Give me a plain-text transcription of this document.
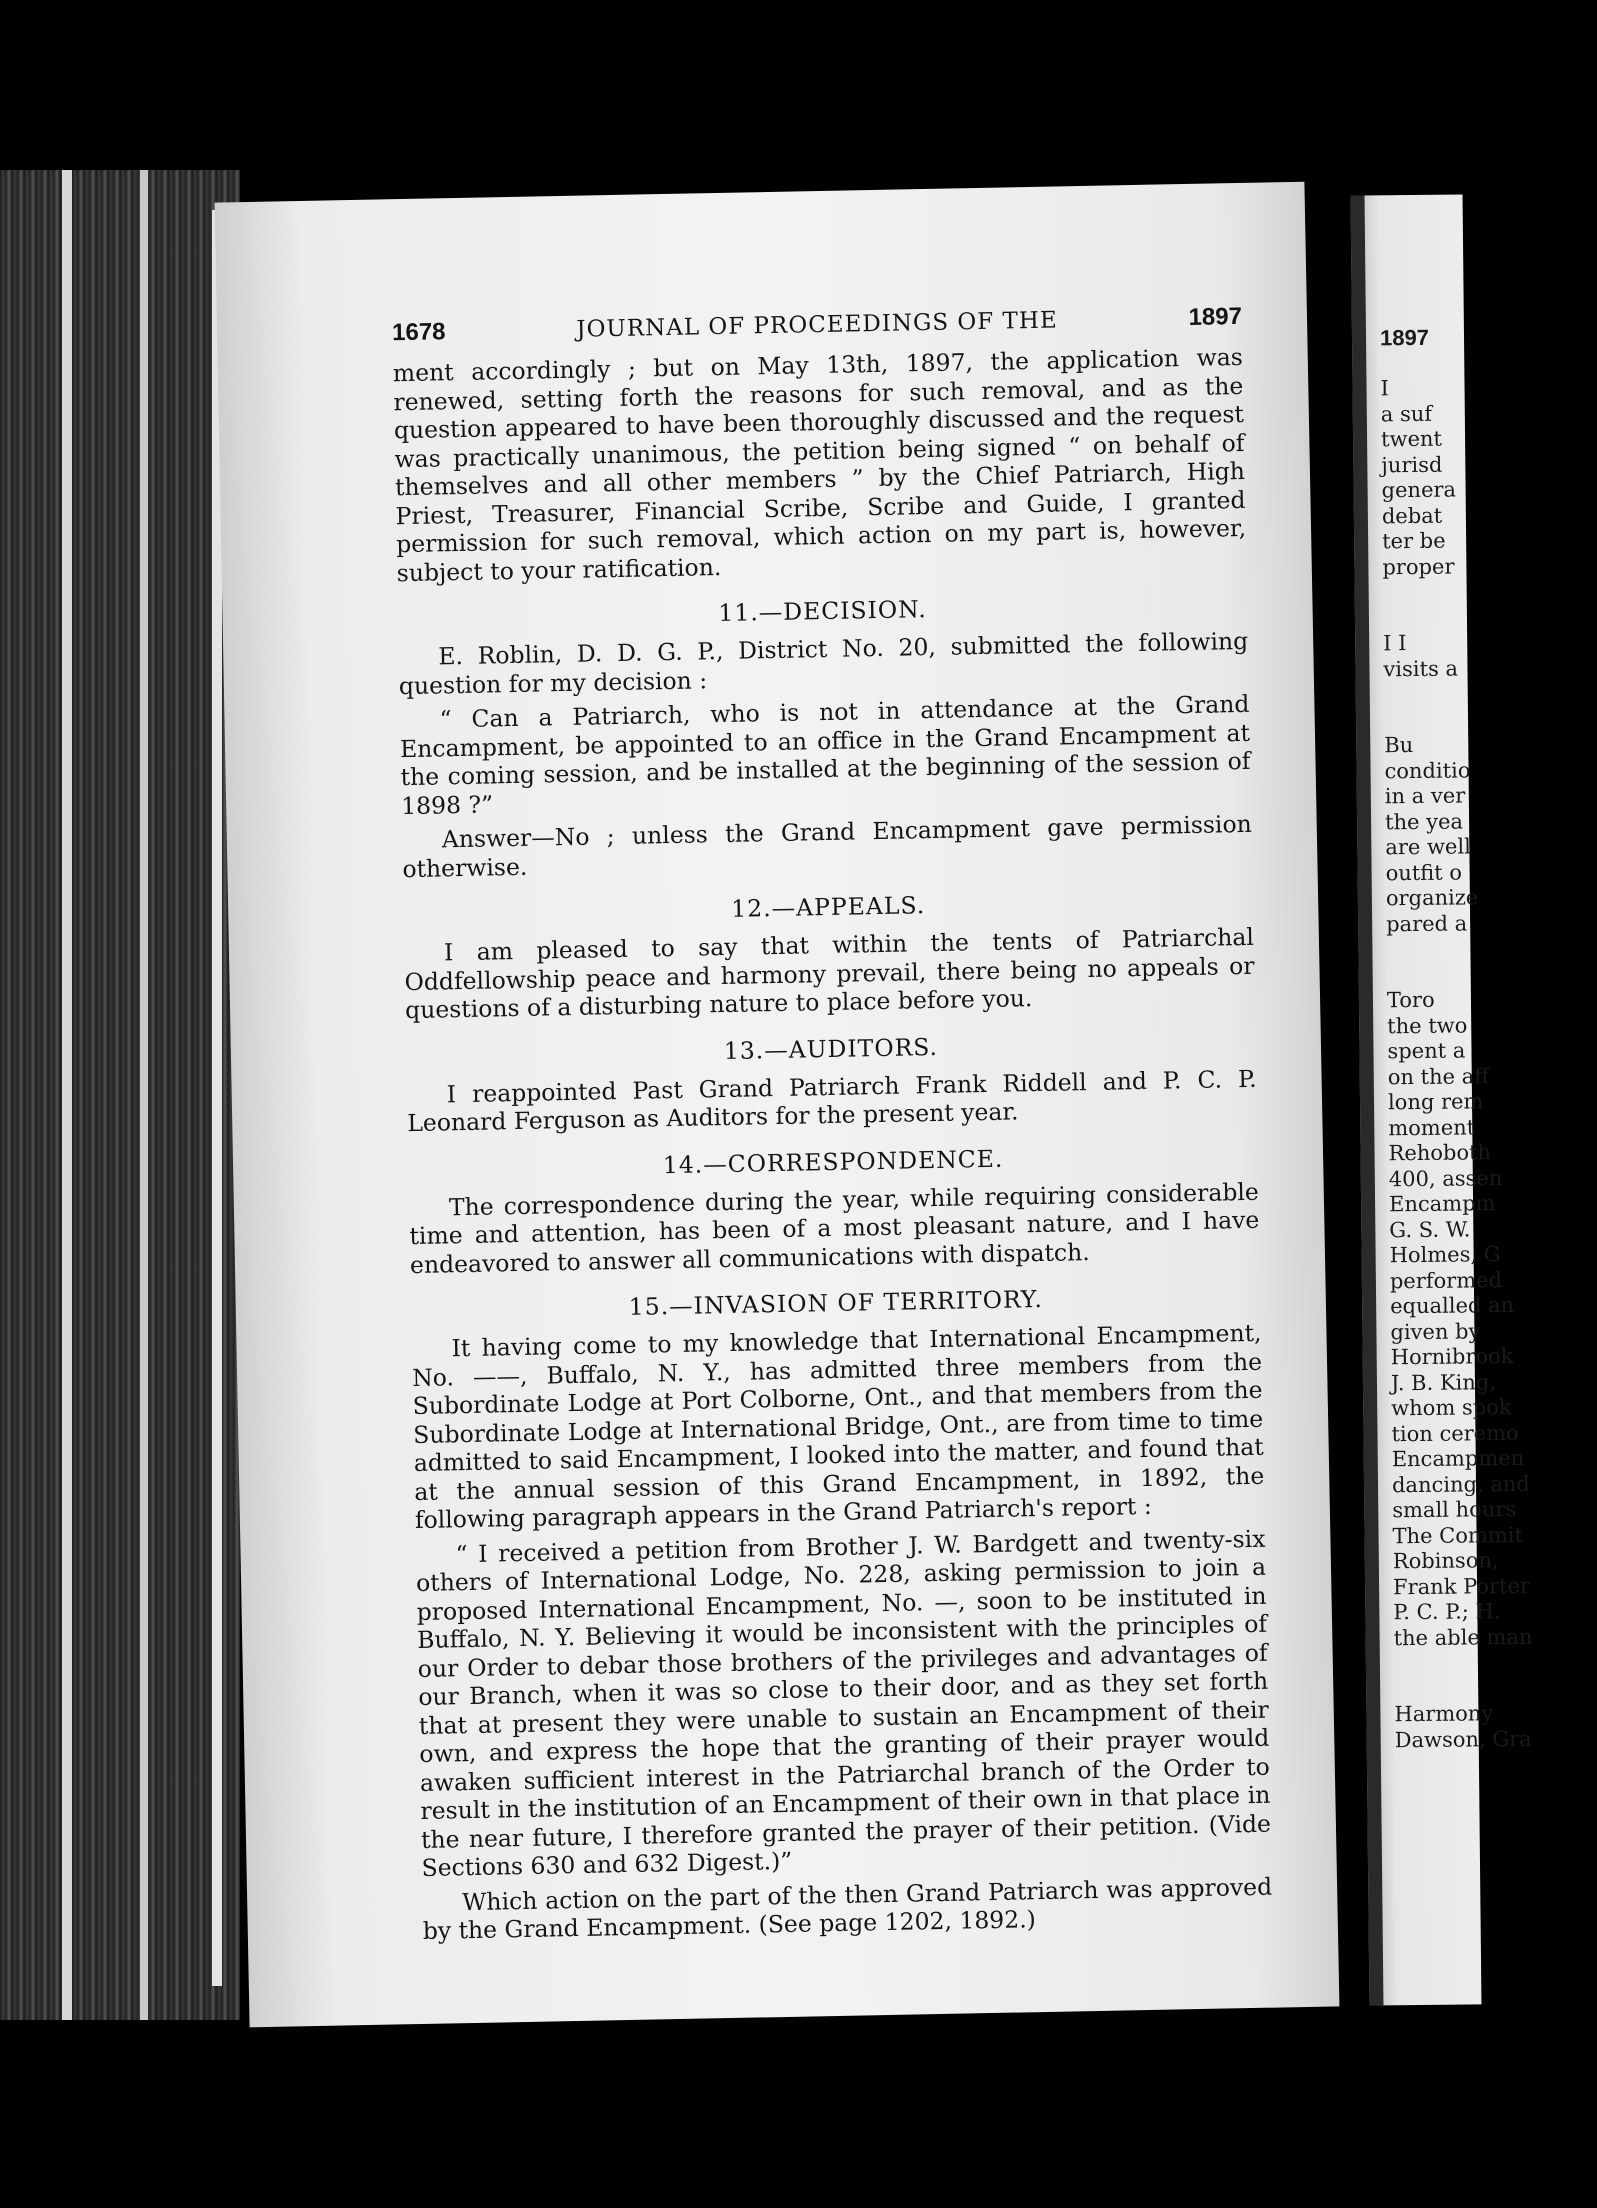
1678	JOURNAL OF PROCEEDINGS OF THE	1897

ment accordingly ; but on May 13th, 1897, the application was renewed, setting forth the reasons for such removal, and as the question appeared to have been thoroughly discussed and the request was practically unanimous, the petition being signed “ on behalf of themselves and all other members ” by the Chief Patriarch, High Priest, Treasurer, Financial Scribe, Scribe and Guide, I granted permission for such removal, which action on my part is, however, subject to your ratification.

11.—DECISION.

E. Roblin, D. D. G. P., District No. 20, submitted the following question for my decision :

“ Can a Patriarch, who is not in attendance at the Grand Encampment, be appointed to an office in the Grand Encampment at the coming session, and be installed at the beginning of the session of 1898 ?”

Answer—No ; unless the Grand Encampment gave permission otherwise.

12.—APPEALS.

I am pleased to say that within the tents of Patriarchal Oddfellowship peace and harmony prevail, there being no appeals or questions of a disturbing nature to place before you.

13.—AUDITORS.

I reappointed Past Grand Patriarch Frank Riddell and P. C. P. Leonard Ferguson as Auditors for the present year.

14.—CORRESPONDENCE.

The correspondence during the year, while requiring considerable time and attention, has been of a most pleasant nature, and I have endeavored to answer all communications with dispatch.

15.—INVASION OF TERRITORY.

It having come to my knowledge that International Encampment, No. ——, Buffalo, N. Y., has admitted three members from the Subordinate Lodge at Port Colborne, Ont., and that members from the Subordinate Lodge at International Bridge, Ont., are from time to time admitted to said Encampment, I looked into the matter, and found that at the annual session of this Grand Encampment, in 1892, the following paragraph appears in the Grand Patriarch's report :

“ I received a petition from Brother J. W. Bardgett and twenty-six others of International Lodge, No. 228, asking permission to join a proposed International Encampment, No. —, soon to be instituted in Buffalo, N. Y. Believing it would be inconsistent with the principles of our Order to debar those brothers of the privileges and advantages of our Branch, when it was so close to their door, and as they set forth that at present they were unable to sustain an Encampment of their own, and express the hope that the granting of their prayer would awaken sufficient interest in the Patriarchal branch of the Order to result in the institution of an Encampment of their own in that place in the near future, I therefore granted the prayer of their petition. (Vide Sections 630 and 632 Digest.)”

Which action on the part of the then Grand Patriarch was approved by the Grand Encampment. (See page 1202, 1892.)

1897
I
a suf
twent
jurisd
genera
debat
ter be
proper
I I
visits a
Bu
conditio
in a ver
the yea
are well
outfit o
organize
pared a
Toro
the two
spent a
on the aff
long rem
moment
Rehoboth
400, assen
Encampm
G. S. W.
Holmes, G
performed
equalled an
given by
Hornibrook
J. B. King,
whom spok
tion ceremo
Encampmen
dancing, and
small hours
The Commit
Robinson,
Frank Porter
P. C. P.; H.
the able man
Harmony
Dawson, Gra
